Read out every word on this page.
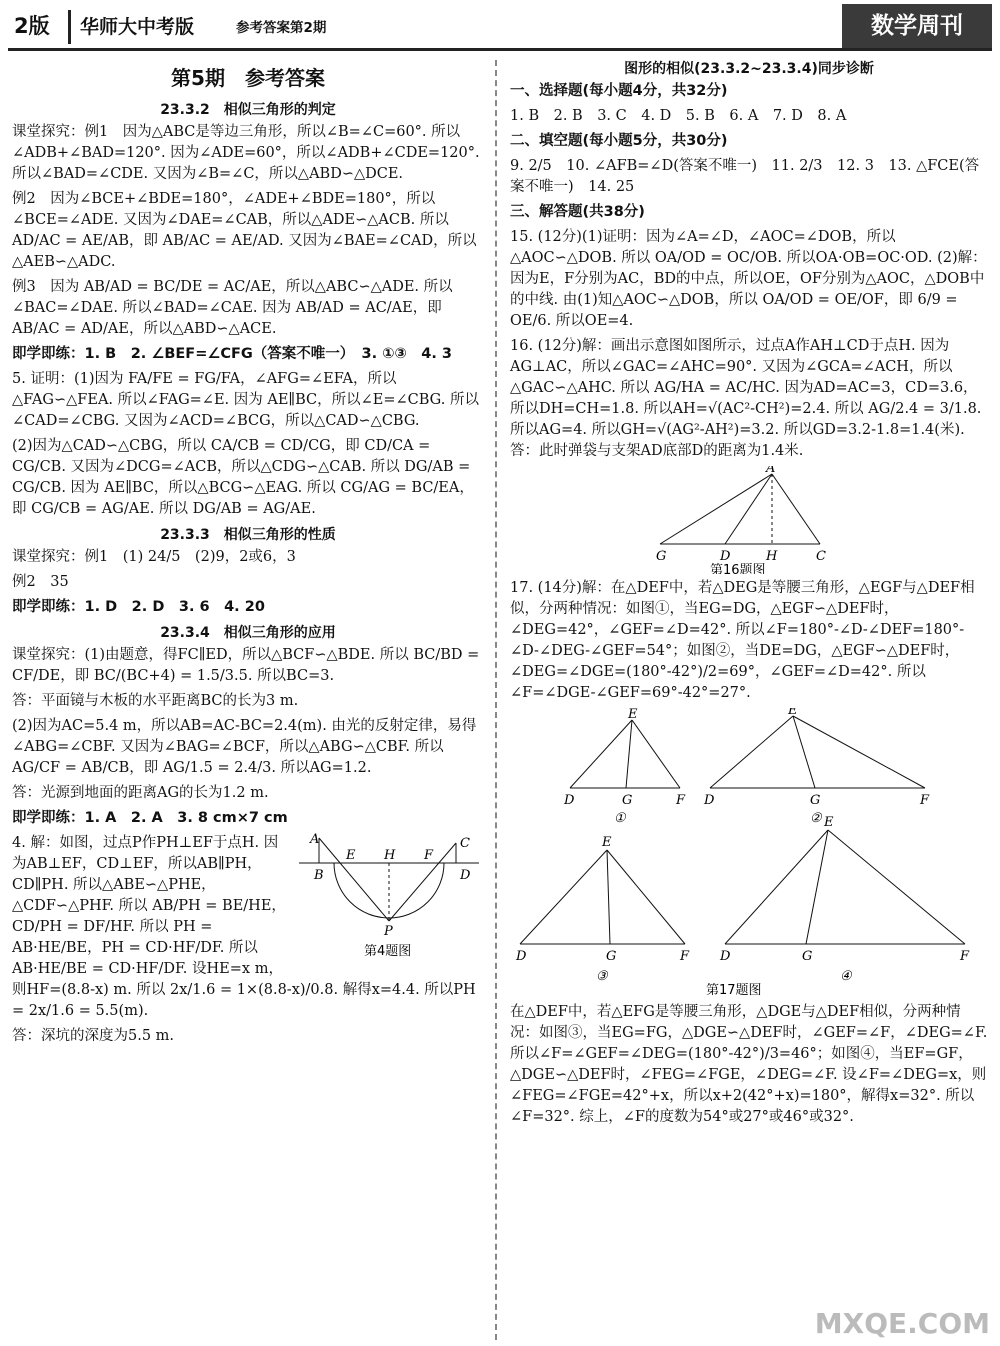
2版 华师大中考版	参考答案第2期	数学周刊
第5期　参考答案
23.3.2　相似三角形的判定

课堂探究：例1　因为△ABC是等边三角形，所以∠B=∠C=60°. 所以∠ADB+∠BAD=120°. 因为∠ADE=60°，所以∠ADB+∠CDE=120°. 所以∠BAD=∠CDE. 又因为∠B=∠C，所以△ABD∽△DCE.

例2　因为∠BCE+∠BDE=180°，∠ADE+∠BDE=180°，所以∠BCE=∠ADE. 又因为∠DAE=∠CAB，所以△ADE∽△ACB. 所以 AD/AC = AE/AB，即 AB/AC = AE/AD. 又因为∠BAE=∠CAD，所以△AEB∽△ADC.

例3　因为 AB/AD = BC/DE = AC/AE，所以△ABC∽△ADE. 所以∠BAC=∠DAE. 所以∠BAD=∠CAE. 因为 AB/AD = AC/AE，即 AB/AC = AD/AE，所以△ABD∽△ACE.

即学即练：1. B　2. ∠BEF=∠CFG（答案不唯一）　3. ①③　4. 3

5. 证明：(1)因为 FA/FE = FG/FA，∠AFG=∠EFA，所以△FAG∽△FEA. 所以∠FAG=∠E. 因为 AE∥BC，所以∠E=∠CBG. 所以∠CAD=∠CBG. 又因为∠ACD=∠BCG，所以△CAD∽△CBG.

(2)因为△CAD∽△CBG，所以 CA/CB = CD/CG，即 CD/CA = CG/CB. 又因为∠DCG=∠ACB，所以△CDG∽△CAB. 所以 DG/AB = CG/CB. 因为 AE∥BC，所以△BCG∽△EAG. 所以 CG/AG = BC/EA，即 CG/CB = AG/AE. 所以 DG/AB = AG/AE.

23.3.3　相似三角形的性质

课堂探究：例1　(1) 24/5　(2)9，2或6，3

例2　35

即学即练：1. D　2. D　3. 6　4. 20

23.3.4　相似三角形的应用

课堂探究：(1)由题意，得FC∥ED，所以△BCF∽△BDE. 所以 BC/BD = CF/DE，即 BC/(BC+4) = 1.5/3.5. 所以BC=3.

答：平面镜与木板的水平距离BC的长为3 m.

(2)因为AC=5.4 m，所以AB=AC-BC=2.4(m). 由光的反射定律，易得∠ABG=∠CBF. 又因为∠BAG=∠BCF，所以△ABG∽△CBF. 所以 AG/CF = AB/CB，即 AG/1.5 = 2.4/3. 所以AG=1.2.

答：光源到地面的距离AG的长为1.2 m.

即学即练：1. A　2. A　3. 8 cm×7 cm

A
E H F
C
B	D
P
第4题图

4. 解：如图，过点P作PH⊥EF于点H. 因为AB⊥EF，CD⊥EF，所以AB∥PH，CD∥PH. 所以△ABE∽△PHE，△CDF∽△PHF. 所以 AB/PH = BE/HE，CD/PH = DF/HF. 所以 PH = AB·HE/BE，PH = CD·HF/DF. 所以 AB·HE/BE = CD·HF/DF. 设HE=x m，则HF=(8.8-x) m. 所以 2x/1.6 = 1×(8.8-x)/0.8. 解得x=4.4. 所以PH = 2x/1.6 = 5.5(m).

答：深坑的深度为5.5 m.

图形的相似(23.3.2~23.3.4)同步诊断

一、选择题(每小题4分，共32分)

1. B　2. B　3. C　4. D　5. B　6. A　7. D　8. A

二、填空题(每小题5分，共30分)

9. 2/5　10. ∠AFB=∠D(答案不唯一)　11. 2/3　12. 3　13. △FCE(答案不唯一)　14. 25

三、解答题(共38分)

15. (12分)(1)证明：因为∠A=∠D，∠AOC=∠DOB，所以△AOC∽△DOB. 所以 OA/OD = OC/OB. 所以OA·OB=OC·OD. (2)解：因为E，F分别为AC，BD的中点，所以OE，OF分别为△AOC，△DOB中的中线. 由(1)知△AOC∽△DOB，所以 OA/OD = OE/OF，即 6/9 = OE/6. 所以OE=4.

16. (12分)解：画出示意图如图所示，过点A作AH⊥CD于点H. 因为AG⊥AC，所以∠GAC=∠AHC=90°. 又因为∠GCA=∠ACH，所以△GAC∽△AHC. 所以 AG/HA = AC/HC. 因为AD=AC=3，CD=3.6，所以DH=CH=1.8. 所以AH=√(AC²-CH²)=2.4. 所以 AG/2.4 = 3/1.8. 所以AG=4. 所以GH=√(AG²-AH²)=3.2. 所以GD=3.2-1.8=1.4(米). 答：此时弹袋与支架AD底部D的距离为1.4米.

A
G	D	H	C
第16题图

17. (14分)解：在△DEF中，若△DEG是等腰三角形，△EGF与△DEF相似，分两种情况：如图①，当EG=DG，△EGF∽△DEF时，∠DEG=42°，∠GEF=∠D=42°. 所以∠F=180°-∠D-∠DEF=180°-∠D-∠DEG-∠GEF=54°；如图②，当DE=DG，△EGF∽△DEF时，∠DEG=∠DGE=(180°-42°)/2=69°，∠GEF=∠D=42°. 所以∠F=∠DGE-∠GEF=69°-42°=27°.

D	G	F
E
①
D	G	F
E
②
D	G	F
E
③
D	G	F
E
④
第17题图

在△DEF中，若△EFG是等腰三角形，△DGE与△DEF相似，分两种情况：如图③，当EG=FG，△DGE∽△DEF时，∠GEF=∠F，∠DEG=∠F. 所以∠F=∠GEF=∠DEG=(180°-42°)/3=46°；如图④，当EF=GF，△DGE∽△DEF时，∠FEG=∠FGE，∠DEG=∠F. 设∠F=∠DEG=x，则∠FEG=∠FGE=42°+x，所以x+2(42°+x)=180°，解得x=32°. 所以∠F=32°. 综上，∠F的度数为54°或27°或46°或32°.

MXQE.COM
